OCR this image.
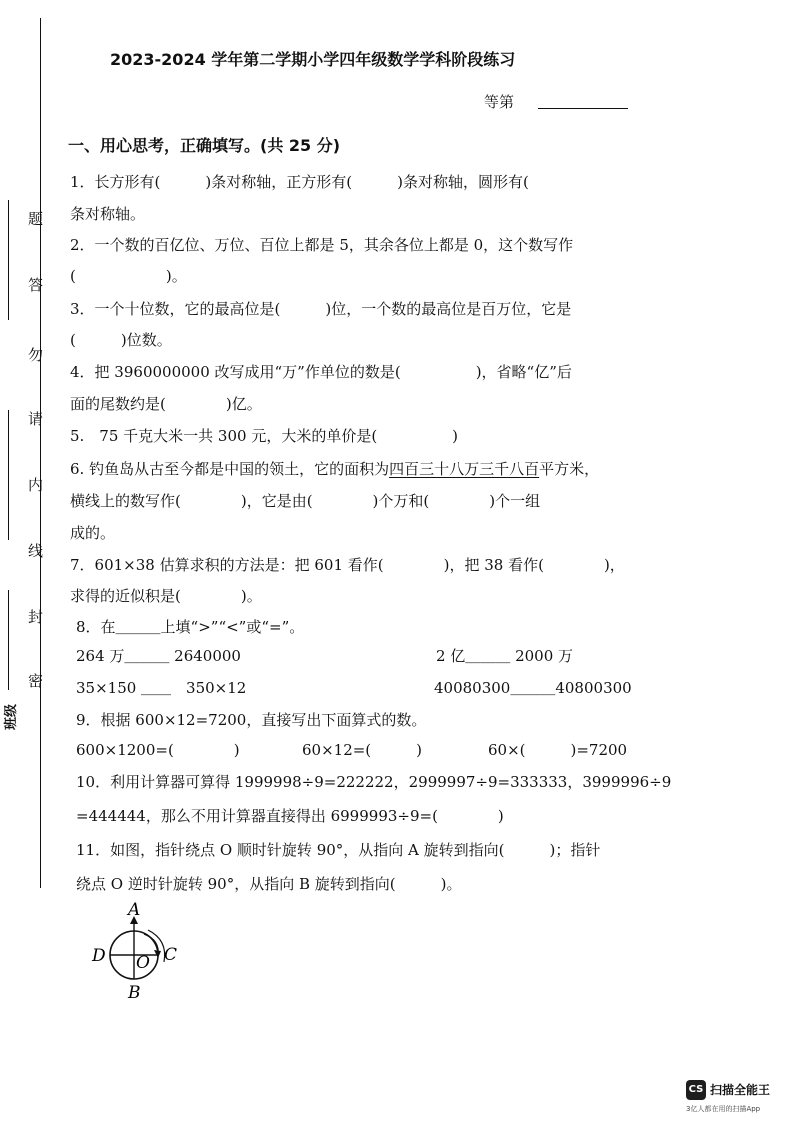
题
答
勿
请
内
线
封
密
班级
2023-2024 学年第二学期小学四年级数学学科阶段练习
等第
一、用心思考，正确填写。(共 25 分)
1．长方形有(　　　)条对称轴，正方形有(　　　)条对称轴，圆形有(
条对称轴。
2．一个数的百亿位、万位、百位上都是 5，其余各位上都是 0，这个数写作
(　　　　　　)。
3．一个十位数，它的最高位是(　　　)位，一个数的最高位是百万位，它是
(　　　)位数。
4．把 3960000000 改写成用“万”作单位的数是(　　　　　)，省略“亿”后
面的尾数约是(　　　　)亿。
5.　75 千克大米一共 300 元，大米的单价是(　　　　　)
6. 钓鱼岛从古至今都是中国的领土，它的面积为四百三十八万三千八百平方米，
横线上的数写作(　　　　)，它是由(　　　　)个万和(　　　　)个一组
成的。
7．601×38 估算求积的方法是：把 601 看作(　　　　)，把 38 看作(　　　　)，
求得的近似积是(　　　　)。
8．在＿＿＿上填“>”“<”或“=”。
264 万＿＿＿ 2640000	2 亿＿＿＿ 2000 万
35×150 ＿＿　350×12	40080300＿＿＿40800300
9．根据 600×12=7200，直接写出下面算式的数。
600×1200=(　　　　)	60×12=(　　　)	60×(　　　)=7200
10．利用计算器可算得 1999998÷9=222222，2999997÷9=333333，3999996÷9
=444444，那么不用计算器直接得出 6999993÷9=(　　　　)
11．如图，指针绕点 O 顺时针旋转 90°，从指向 A 旋转到指向(　　　)；指针
绕点 O 逆时针旋转 90°，从指向 B 旋转到指向(　　　)。
A
D O C
B
CS 扫描全能王
3亿人都在用的扫描App
